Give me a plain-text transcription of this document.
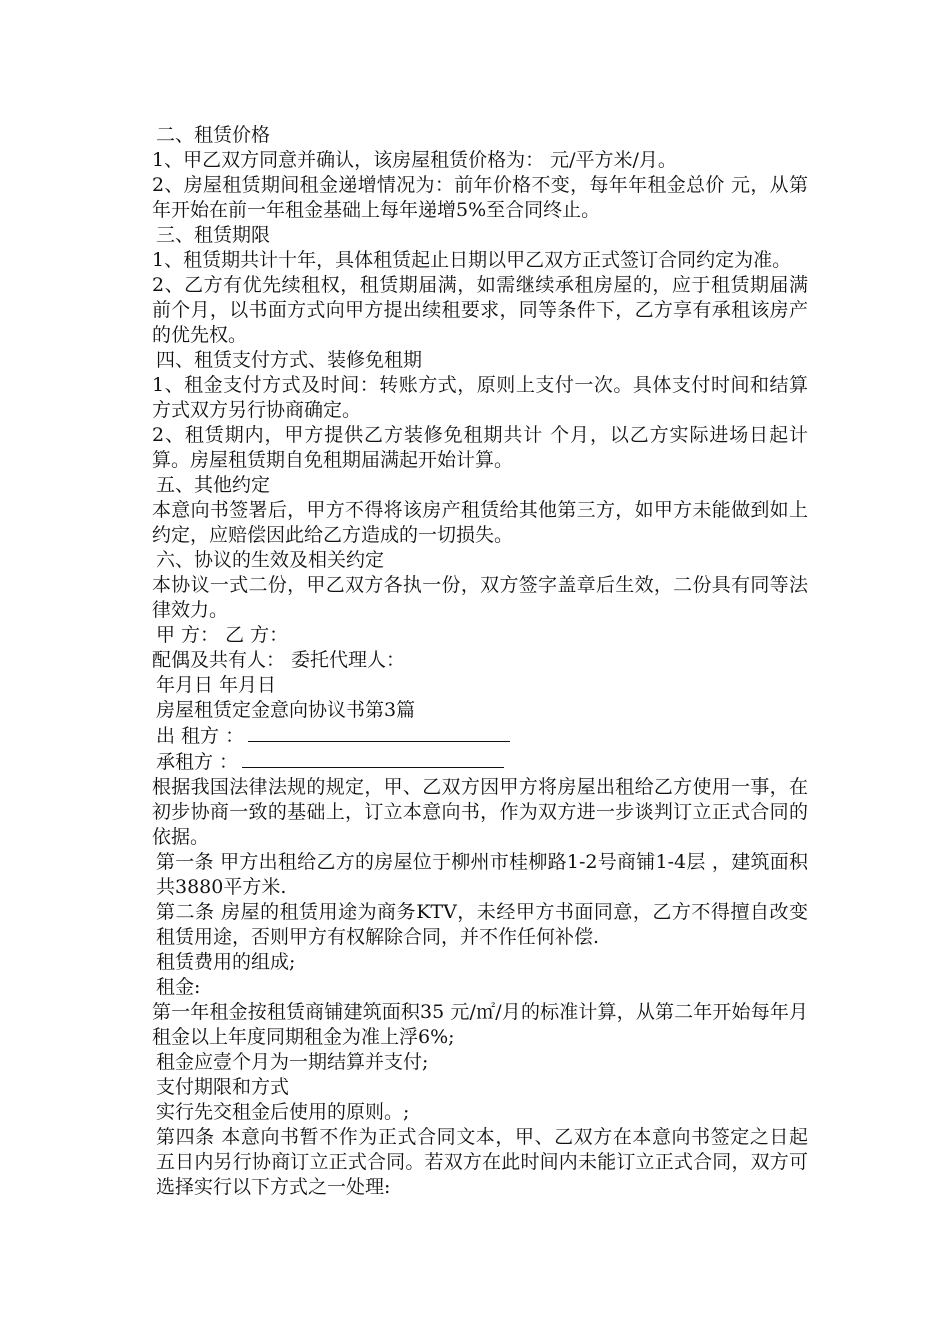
二、租赁价格

1、甲乙双方同意并确认，该房屋租赁价格为： 元/平方米/月。

2、房屋租赁期间租金递增情况为：前年价格不变，每年年租金总价 元，从第年开始在前一年租金基础上每年递增5%至合同终止。

三、租赁期限

1、租赁期共计十年，具体租赁起止日期以甲乙双方正式签订合同约定为准。

2、乙方有优先续租权，租赁期届满，如需继续承租房屋的，应于租赁期届满前个月，以书面方式向甲方提出续租要求，同等条件下，乙方享有承租该房产的优先权。

四、租赁支付方式、装修免租期

1、租金支付方式及时间：转账方式，原则上支付一次。具体支付时间和结算方式双方另行协商确定。

2、租赁期内，甲方提供乙方装修免租期共计 个月，以乙方实际进场日起计算。房屋租赁期自免租期届满起开始计算。

五、其他约定

本意向书签署后，甲方不得将该房产租赁给其他第三方，如甲方未能做到如上约定，应赔偿因此给乙方造成的一切损失。

六、协议的生效及相关约定

本协议一式二份，甲乙双方各执一份，双方签字盖章后生效，二份具有同等法律效力。

甲 方： 乙 方：

配偶及共有人： 委托代理人：

年月日 年月日

房屋租赁定金意向协议书第3篇

出 租方 ：

承租方 ：

根据我国法律法规的规定，甲、乙双方因甲方将房屋出租给乙方使用一事，在初步协商一致的基础上，订立本意向书，作为双方进一步谈判订立正式合同的依据。

第一条 甲方出租给乙方的房屋位于柳州市桂柳路1-2号商铺1-4层 ，建筑面积共3880平方米.

第二条 房屋的租赁用途为商务KTV，未经甲方书面同意，乙方不得擅自改变租赁用途，否则甲方有权解除合同，并不作任何补偿.

租赁费用的组成;

租金:

第一年租金按租赁商铺建筑面积35 元/㎡/月的标准计算，从第二年开始每年月租金以上年度同期租金为准上浮6%;

租金应壹个月为一期结算并支付;

支付期限和方式

实行先交租金后使用的原则。;

第四条 本意向书暂不作为正式合同文本，甲、乙双方在本意向书签定之日起五日内另行协商订立正式合同。若双方在此时间内未能订立正式合同，双方可选择实行以下方式之一处理:
